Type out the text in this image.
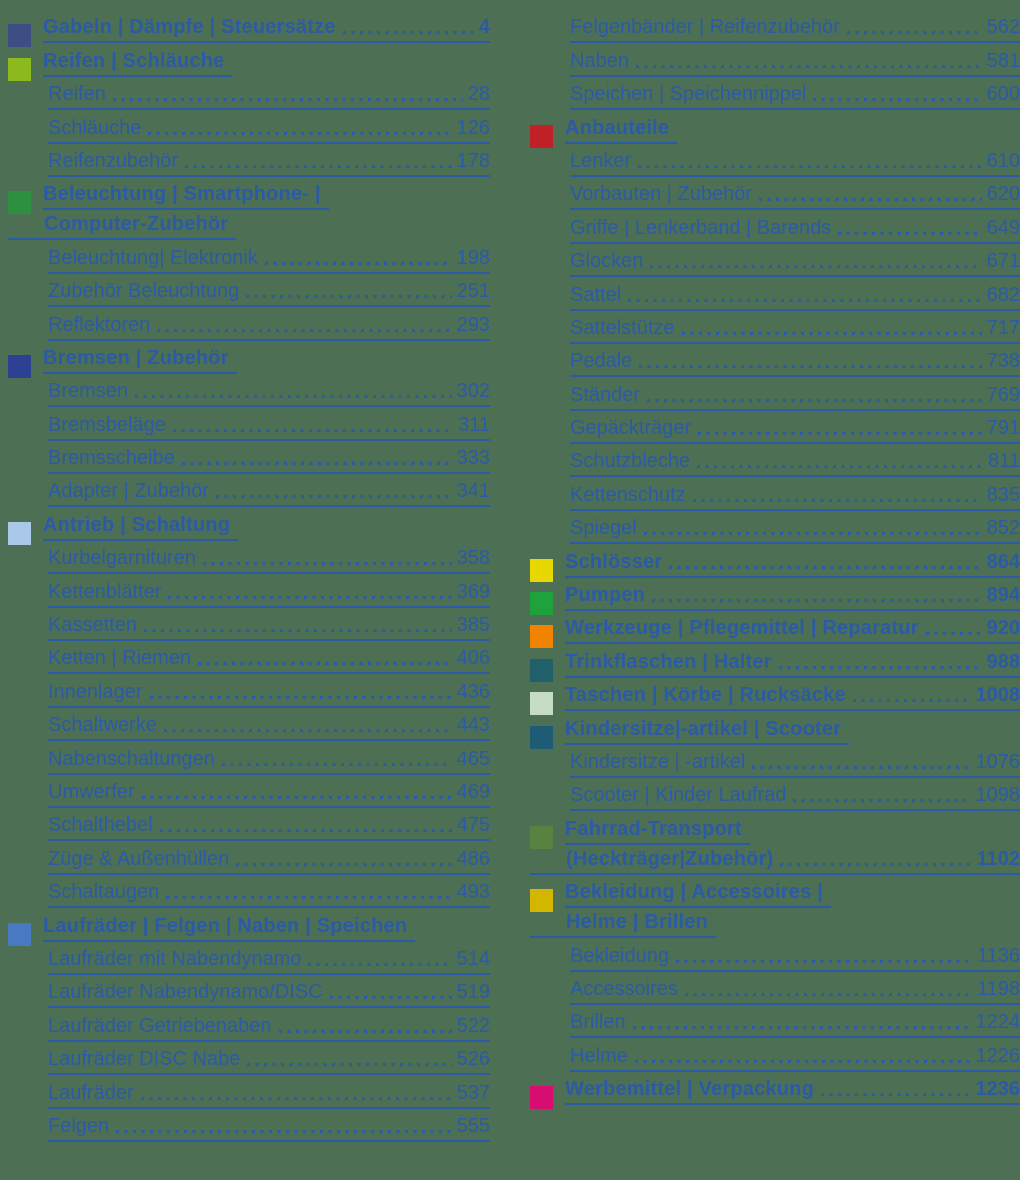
Gabeln | Dämpfe | Steuersätze	4
Reifen | Schläuche
Reifen	28
Schläuche	126
Reifenzubehör	178
Beleuchtung | Smartphone- |
Computer-Zubehör
Beleuchtung| Elektronik	198
Zubehör Beleuchtung	251
Reflektoren	293
Bremsen | Zubehör
Bremsen	302
Bremsbeläge	311
Bremsscheibe	333
Adapter | Zubehör	341
Antrieb | Schaltung
Kurbelgarnituren	358
Kettenblätter	369
Kassetten	385
Ketten | Riemen	406
Innenlager	436
Schaltwerke	443
Nabenschaltungen	465
Umwerfer	469
Schalthebel	475
Züge & Außenhüllen	486
Schaltaugen	493
Laufräder | Felgen | Naben | Speichen
Laufräder mit Nabendynamo	514
Laufräder Nabendynamo/DISC	519
Laufräder Getriebenaben	522
Laufräder DISC Nabe	526
Laufräder	537
Felgen	555
Felgenbänder | Reifenzubehör	562
Naben	581
Speichen | Speichennippel	600
Anbauteile
Lenker	610
Vorbauten | Zubehör	620
Griffe | Lenkerband | Barends	649
Glocken	671
Sattel	682
Sattelstütze	717
Pedale	738
Ständer	769
Gepäckträger	791
Schutzbleche	811
Kettenschutz	835
Spiegel	852
Schlösser	864
Pumpen	894
Werkzeuge | Pflegemittel | Reparatur	920
Trinkflaschen | Halter	988
Taschen | Körbe | Rucksäcke	1008
Kindersitze|-artikel | Scooter
Kindersitze | -artikel	1076
Scooter | Kinder Laufrad	1098
Fahrrad-Transport
(Heckträger|Zubehör)	1102
Bekleidung | Accessoires |
Helme | Brillen
Bekleidung	1136
Accessoires	1198
Brillen	1224
Helme	1226
Werbemittel | Verpackung	1236
